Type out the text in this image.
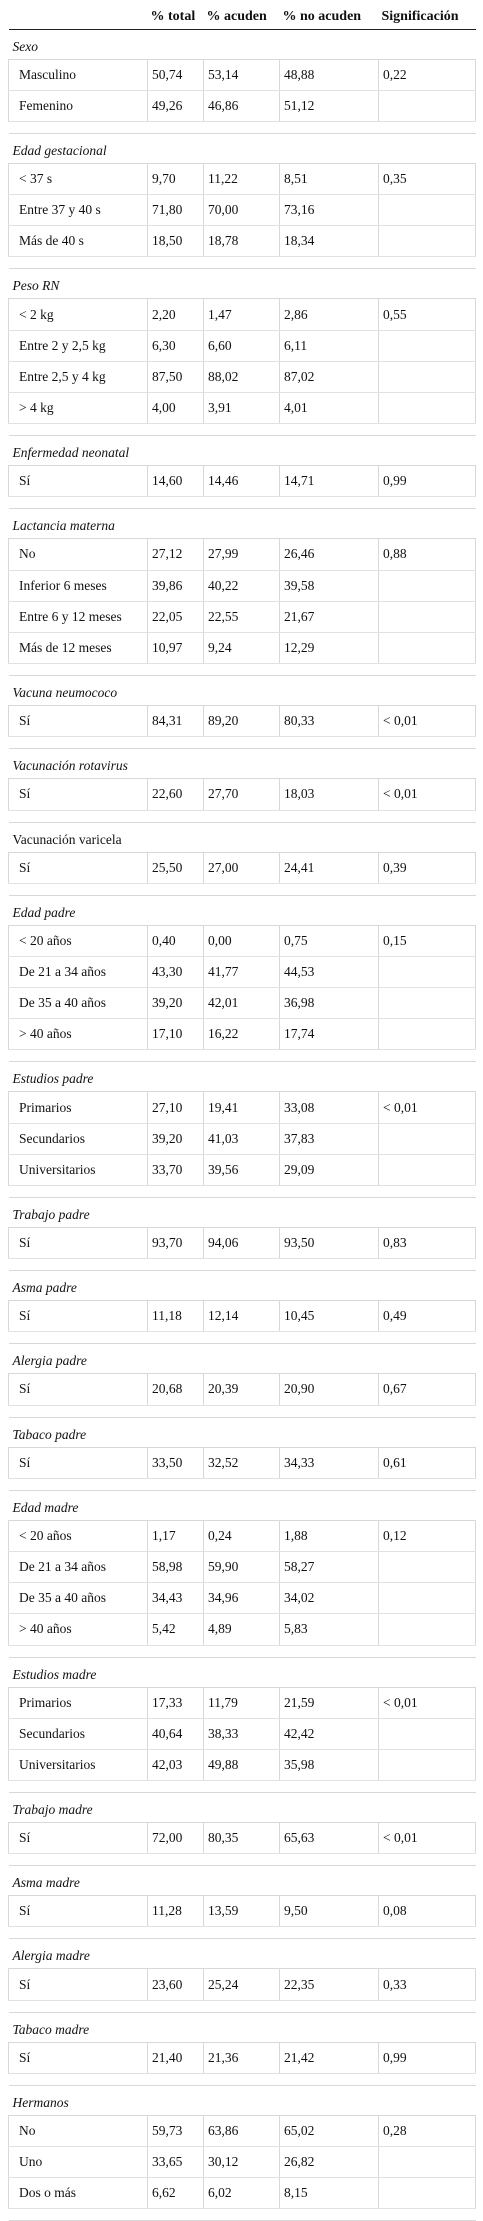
	% total	% acuden	% no acuden	Significación
Sexo				
Masculino	50,74	53,14	48,88	0,22
Femenino	49,26	46,86	51,12	

Edad gestacional				
< 37 s	9,70	11,22	8,51	0,35
Entre 37 y 40 s	71,80	70,00	73,16	
Más de 40 s	18,50	18,78	18,34	

Peso RN				
< 2 kg	2,20	1,47	2,86	0,55
Entre 2 y 2,5 kg	6,30	6,60	6,11	
Entre 2,5 y 4 kg	87,50	88,02	87,02	
> 4 kg	4,00	3,91	4,01	

Enfermedad neonatal				
Sí	14,60	14,46	14,71	0,99

Lactancia materna				
No	27,12	27,99	26,46	0,88
Inferior 6 meses	39,86	40,22	39,58	
Entre 6 y 12 meses	22,05	22,55	21,67	
Más de 12 meses	10,97	9,24	12,29	

Vacuna neumococo				
Sí	84,31	89,20	80,33	< 0,01

Vacunación rotavirus				
Sí	22,60	27,70	18,03	< 0,01

Vacunación varicela				
Sí	25,50	27,00	24,41	0,39

Edad padre				
< 20 años	0,40	0,00	0,75	0,15
De 21 a 34 años	43,30	41,77	44,53	
De 35 a 40 años	39,20	42,01	36,98	
> 40 años	17,10	16,22	17,74	

Estudios padre				
Primarios	27,10	19,41	33,08	< 0,01
Secundarios	39,20	41,03	37,83	
Universitarios	33,70	39,56	29,09	

Trabajo padre				
Sí	93,70	94,06	93,50	0,83

Asma padre				
Sí	11,18	12,14	10,45	0,49

Alergia padre				
Sí	20,68	20,39	20,90	0,67

Tabaco padre				
Sí	33,50	32,52	34,33	0,61

Edad madre				
< 20 años	1,17	0,24	1,88	0,12
De 21 a 34 años	58,98	59,90	58,27	
De 35 a 40 años	34,43	34,96	34,02	
> 40 años	5,42	4,89	5,83	

Estudios madre				
Primarios	17,33	11,79	21,59	< 0,01
Secundarios	40,64	38,33	42,42	
Universitarios	42,03	49,88	35,98	

Trabajo madre				
Sí	72,00	80,35	65,63	< 0,01

Asma madre				
Sí	11,28	13,59	9,50	0,08

Alergia madre				
Sí	23,60	25,24	22,35	0,33

Tabaco madre				
Sí	21,40	21,36	21,42	0,99

Hermanos				
No	59,73	63,86	65,02	0,28
Uno	33,65	30,12	26,82	
Dos o más	6,62	6,02	8,15	
